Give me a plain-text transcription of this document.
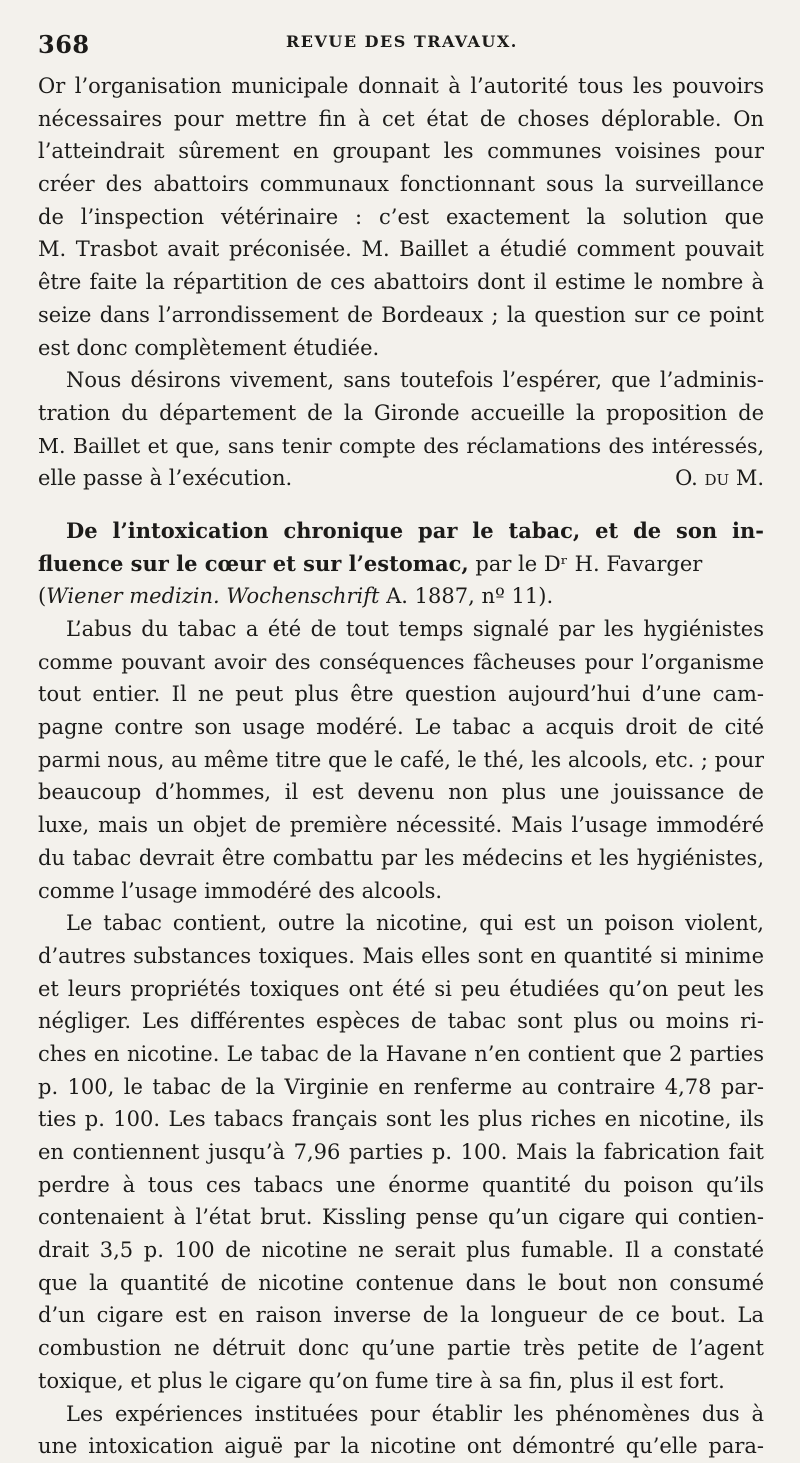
368	REVUE DES TRAVAUX.
Or l’organisation municipale donnait à l’autorité tous les pouvoirs
nécessaires pour mettre fin à cet état de choses déplorable. On
l’atteindrait sûrement en groupant les communes voisines pour
créer des abattoirs communaux fonctionnant sous la surveillance
de l’inspection vétérinaire : c’est exactement la solution que
M. Trasbot avait préconisée. M. Baillet a étudié comment pouvait
être faite la répartition de ces abattoirs dont il estime le nombre à
seize dans l’arrondissement de Bordeaux ; la question sur ce point
est donc complètement étudiée.
Nous désirons vivement, sans toutefois l’espérer, que l’adminis-
tration du département de la Gironde accueille la proposition de
M. Baillet et que, sans tenir compte des réclamations des intéressés,
elle passe à l’exécution.	O. du M.
De l’intoxication chronique par le tabac, et de son in-
fluence sur le cœur et sur l’estomac, par le Dʳ H. Favarger
(Wiener medizin. Wochenschrift A. 1887, nº 11).
L’abus du tabac a été de tout temps signalé par les hygiénistes
comme pouvant avoir des conséquences fâcheuses pour l’organisme
tout entier. Il ne peut plus être question aujourd’hui d’une cam-
pagne contre son usage modéré. Le tabac a acquis droit de cité
parmi nous, au même titre que le café, le thé, les alcools, etc. ; pour
beaucoup d’hommes, il est devenu non plus une jouissance de
luxe, mais un objet de première nécessité. Mais l’usage immodéré
du tabac devrait être combattu par les médecins et les hygiénistes,
comme l’usage immodéré des alcools.
Le tabac contient, outre la nicotine, qui est un poison violent,
d’autres substances toxiques. Mais elles sont en quantité si minime
et leurs propriétés toxiques ont été si peu étudiées qu’on peut les
négliger. Les différentes espèces de tabac sont plus ou moins ri-
ches en nicotine. Le tabac de la Havane n’en contient que 2 parties
p. 100, le tabac de la Virginie en renferme au contraire 4,78 par-
ties p. 100. Les tabacs français sont les plus riches en nicotine, ils
en contiennent jusqu’à 7,96 parties p. 100. Mais la fabrication fait
perdre à tous ces tabacs une énorme quantité du poison qu’ils
contenaient à l’état brut. Kissling pense qu’un cigare qui contien-
drait 3,5 p. 100 de nicotine ne serait plus fumable. Il a constaté
que la quantité de nicotine contenue dans le bout non consumé
d’un cigare est en raison inverse de la longueur de ce bout. La
combustion ne détruit donc qu’une partie très petite de l’agent
toxique, et plus le cigare qu’on fume tire à sa fin, plus il est fort.
Les expériences instituées pour établir les phénomènes dus à
une intoxication aiguë par la nicotine ont démontré qu’elle para-
